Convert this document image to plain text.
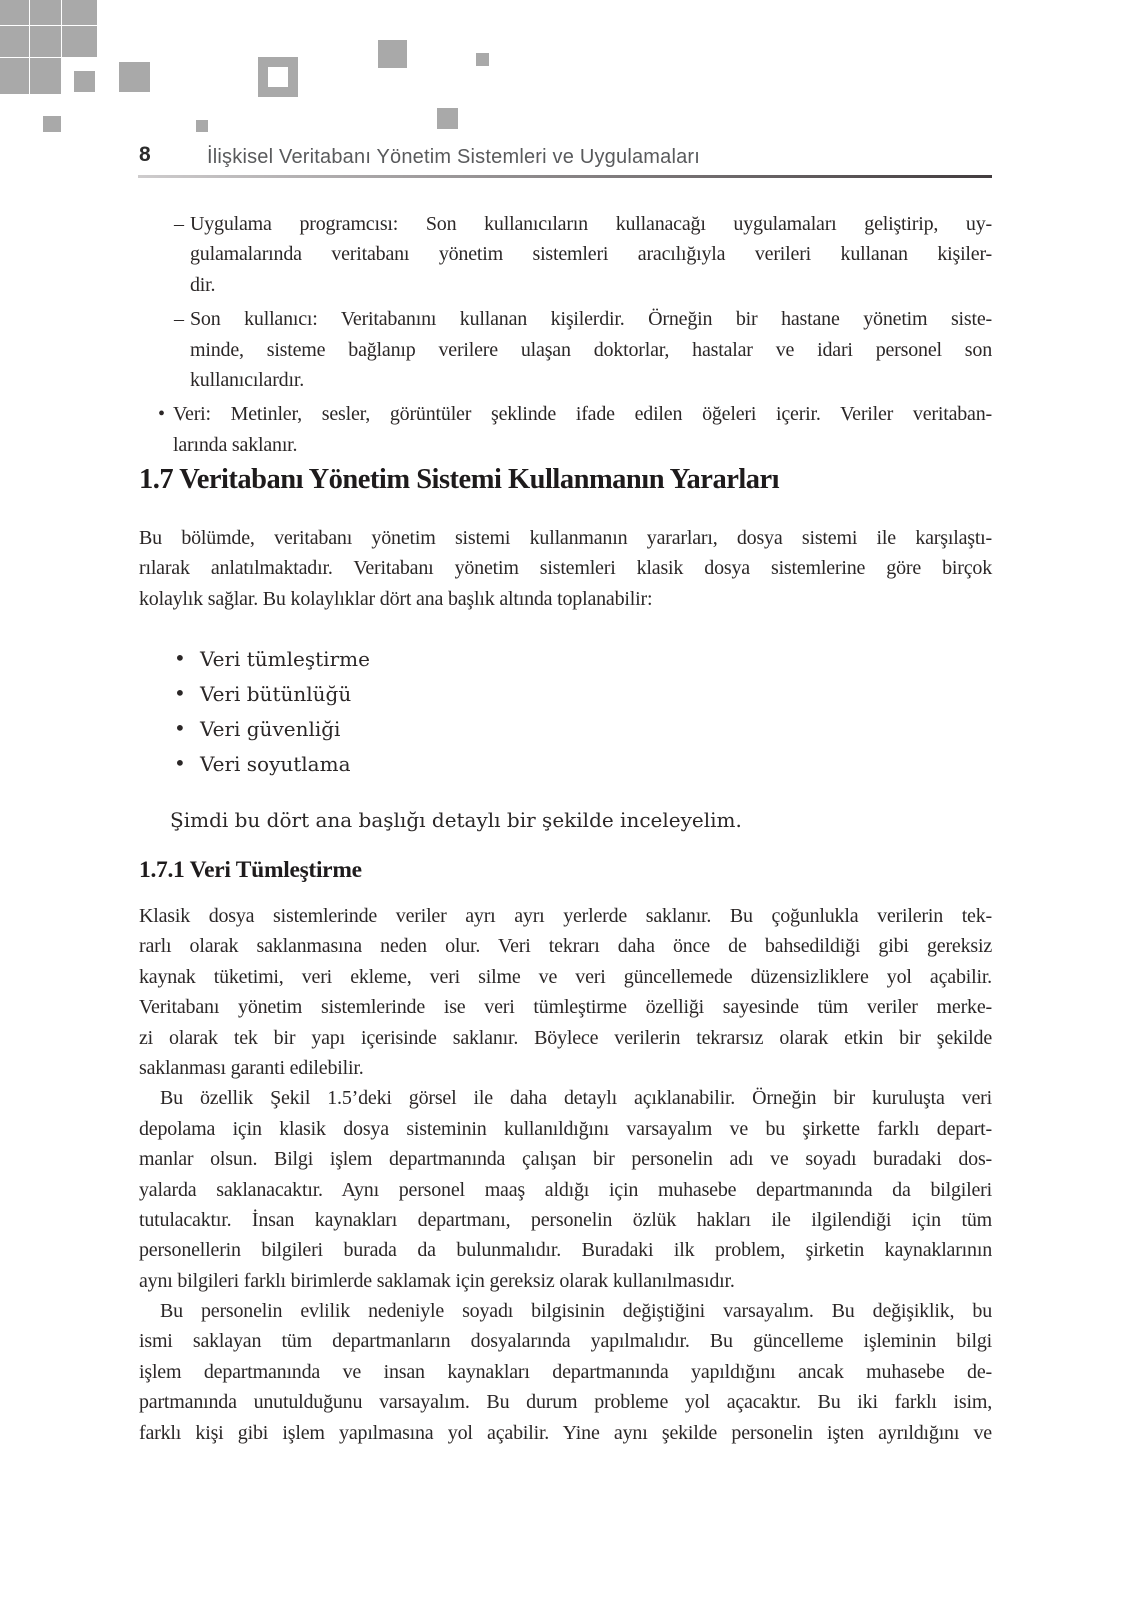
8	İlişkisel Veritabanı Yönetim Sistemleri ve Uygulamaları
– Uygulama programcısı: Son kullanıcıların kullanacağı uygulamaları geliştirip, uy-
gulamalarında veritabanı yönetim sistemleri aracılığıyla verileri kullanan kişiler-
dir.
– Son kullanıcı: Veritabanını kullanan kişilerdir. Örneğin bir hastane yönetim siste-
minde, sisteme bağlanıp verilere ulaşan doktorlar, hastalar ve idari personel son
kullanıcılardır.
• Veri: Metinler, sesler, görüntüler şeklinde ifade edilen öğeleri içerir. Veriler veritaban-
larında saklanır.
1.7 Veritabanı Yönetim Sistemi Kullanmanın Yararları
Bu bölümde, veritabanı yönetim sistemi kullanmanın yararları, dosya sistemi ile karşılaştı-
rılarak anlatılmaktadır. Veritabanı yönetim sistemleri klasik dosya sistemlerine göre birçok
kolaylık sağlar. Bu kolaylıklar dört ana başlık altında toplanabilir:
• Veri tümleştirme
• Veri bütünlüğü
• Veri güvenliği
• Veri soyutlama
Şimdi bu dört ana başlığı detaylı bir şekilde inceleyelim.
1.7.1 Veri Tümleştirme
Klasik dosya sistemlerinde veriler ayrı ayrı yerlerde saklanır. Bu çoğunlukla verilerin tek-
rarlı olarak saklanmasına neden olur. Veri tekrarı daha önce de bahsedildiği gibi gereksiz
kaynak tüketimi, veri ekleme, veri silme ve veri güncellemede düzensizliklere yol açabilir.
Veritabanı yönetim sistemlerinde ise veri tümleştirme özelliği sayesinde tüm veriler merke-
zi olarak tek bir yapı içerisinde saklanır. Böylece verilerin tekrarsız olarak etkin bir şekilde
saklanması garanti edilebilir.
Bu özellik Şekil 1.5’deki görsel ile daha detaylı açıklanabilir. Örneğin bir kuruluşta veri
depolama için klasik dosya sisteminin kullanıldığını varsayalım ve bu şirkette farklı depart-
manlar olsun. Bilgi işlem departmanında çalışan bir personelin adı ve soyadı buradaki dos-
yalarda saklanacaktır. Aynı personel maaş aldığı için muhasebe departmanında da bilgileri
tutulacaktır. İnsan kaynakları departmanı, personelin özlük hakları ile ilgilendiği için tüm
personellerin bilgileri burada da bulunmalıdır. Buradaki ilk problem, şirketin kaynaklarının
aynı bilgileri farklı birimlerde saklamak için gereksiz olarak kullanılmasıdır.
Bu personelin evlilik nedeniyle soyadı bilgisinin değiştiğini varsayalım. Bu değişiklik, bu
ismi saklayan tüm departmanların dosyalarında yapılmalıdır. Bu güncelleme işleminin bilgi
işlem departmanında ve insan kaynakları departmanında yapıldığını ancak muhasebe de-
partmanında unutulduğunu varsayalım. Bu durum probleme yol açacaktır. Bu iki farklı isim,
farklı kişi gibi işlem yapılmasına yol açabilir. Yine aynı şekilde personelin işten ayrıldığını ve
